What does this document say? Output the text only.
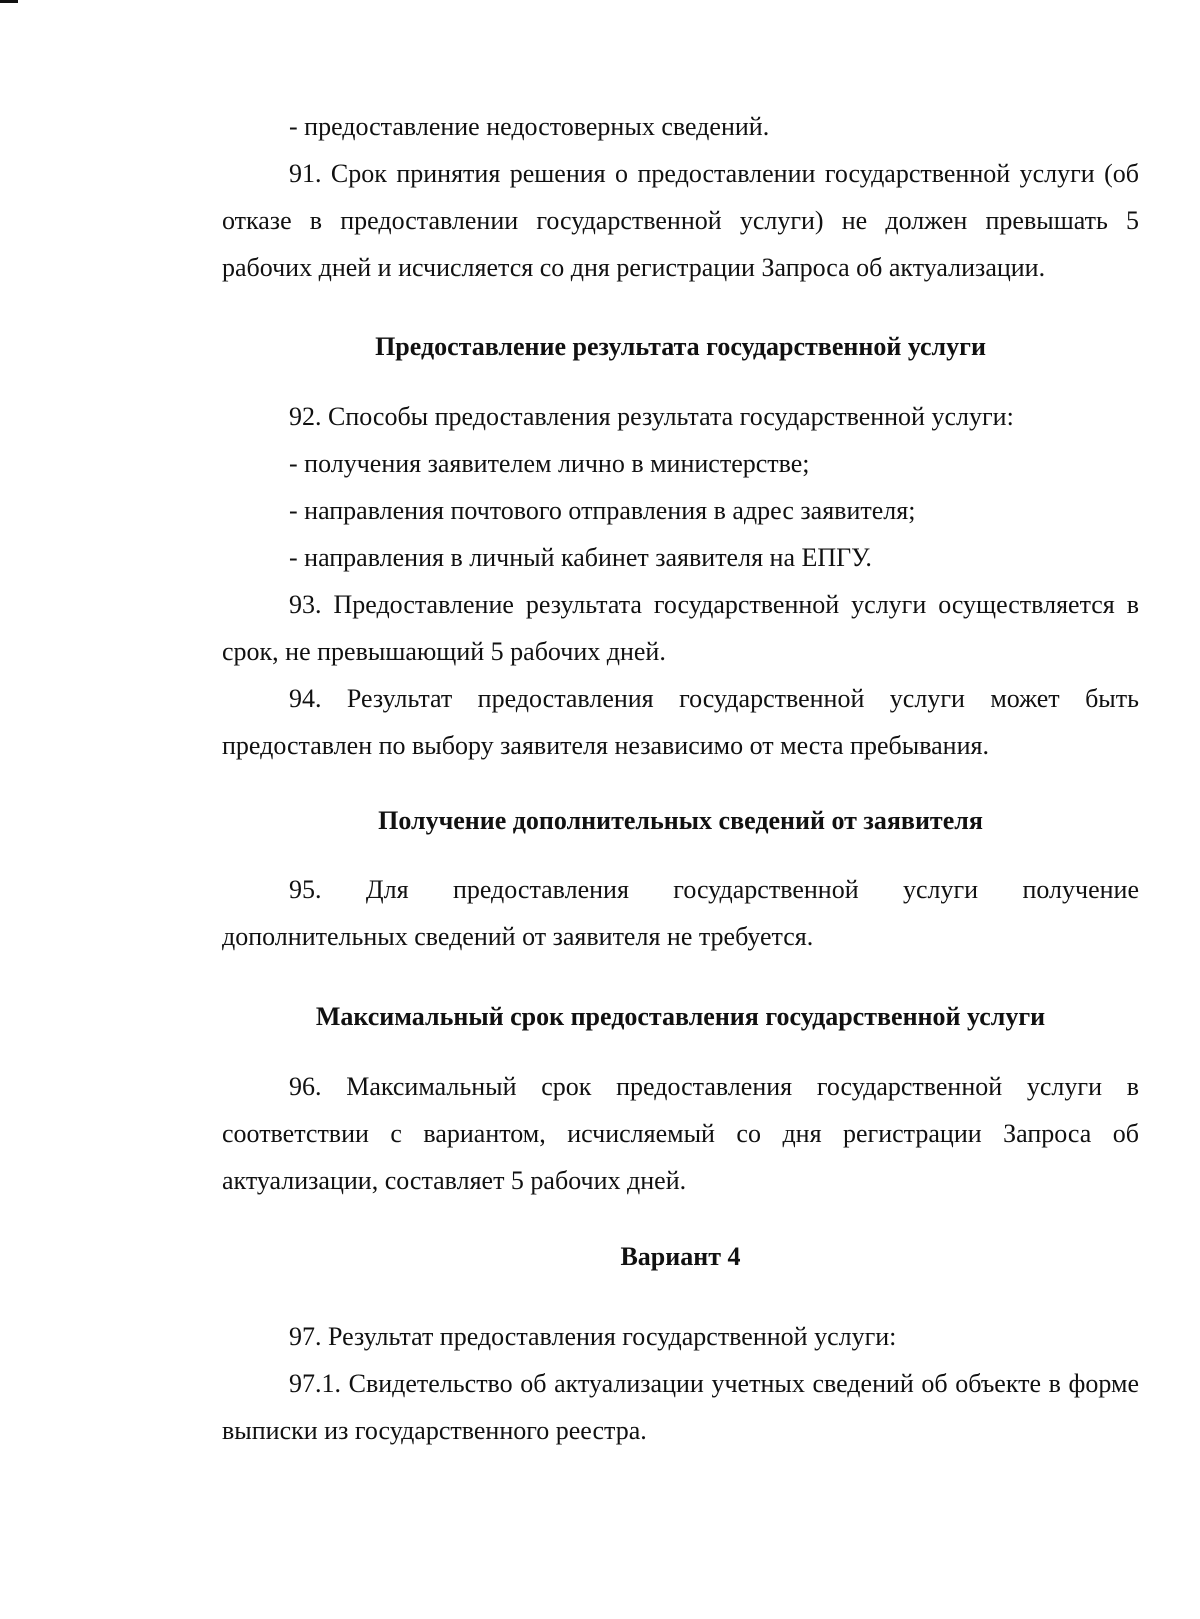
- предоставление недостоверных сведений.

91. Срок принятия решения о предоставлении государственной услуги (об отказе в предоставлении государственной услуги) не должен превышать 5 рабочих дней и исчисляется со дня регистрации Запроса об актуализации.

Предоставление результата государственной услуги

92. Способы предоставления результата государственной услуги:

- получения заявителем лично в министерстве;

- направления почтового отправления в адрес заявителя;

- направления в личный кабинет заявителя на ЕПГУ.

93. Предоставление результата государственной услуги осуществляется в срок, не превышающий 5 рабочих дней.

94. Результат предоставления государственной услуги может быть предоставлен по выбору заявителя независимо от места пребывания.

Получение дополнительных сведений от заявителя

95. Для предоставления государственной услуги получение дополнительных сведений от заявителя не требуется.

Максимальный срок предоставления государственной услуги

96. Максимальный срок предоставления государственной услуги в соответствии с вариантом, исчисляемый со дня регистрации Запроса об актуализации, составляет 5 рабочих дней.

Вариант 4

97. Результат предоставления государственной услуги:

97.1. Свидетельство об актуализации учетных сведений об объекте в форме выписки из государственного реестра.
